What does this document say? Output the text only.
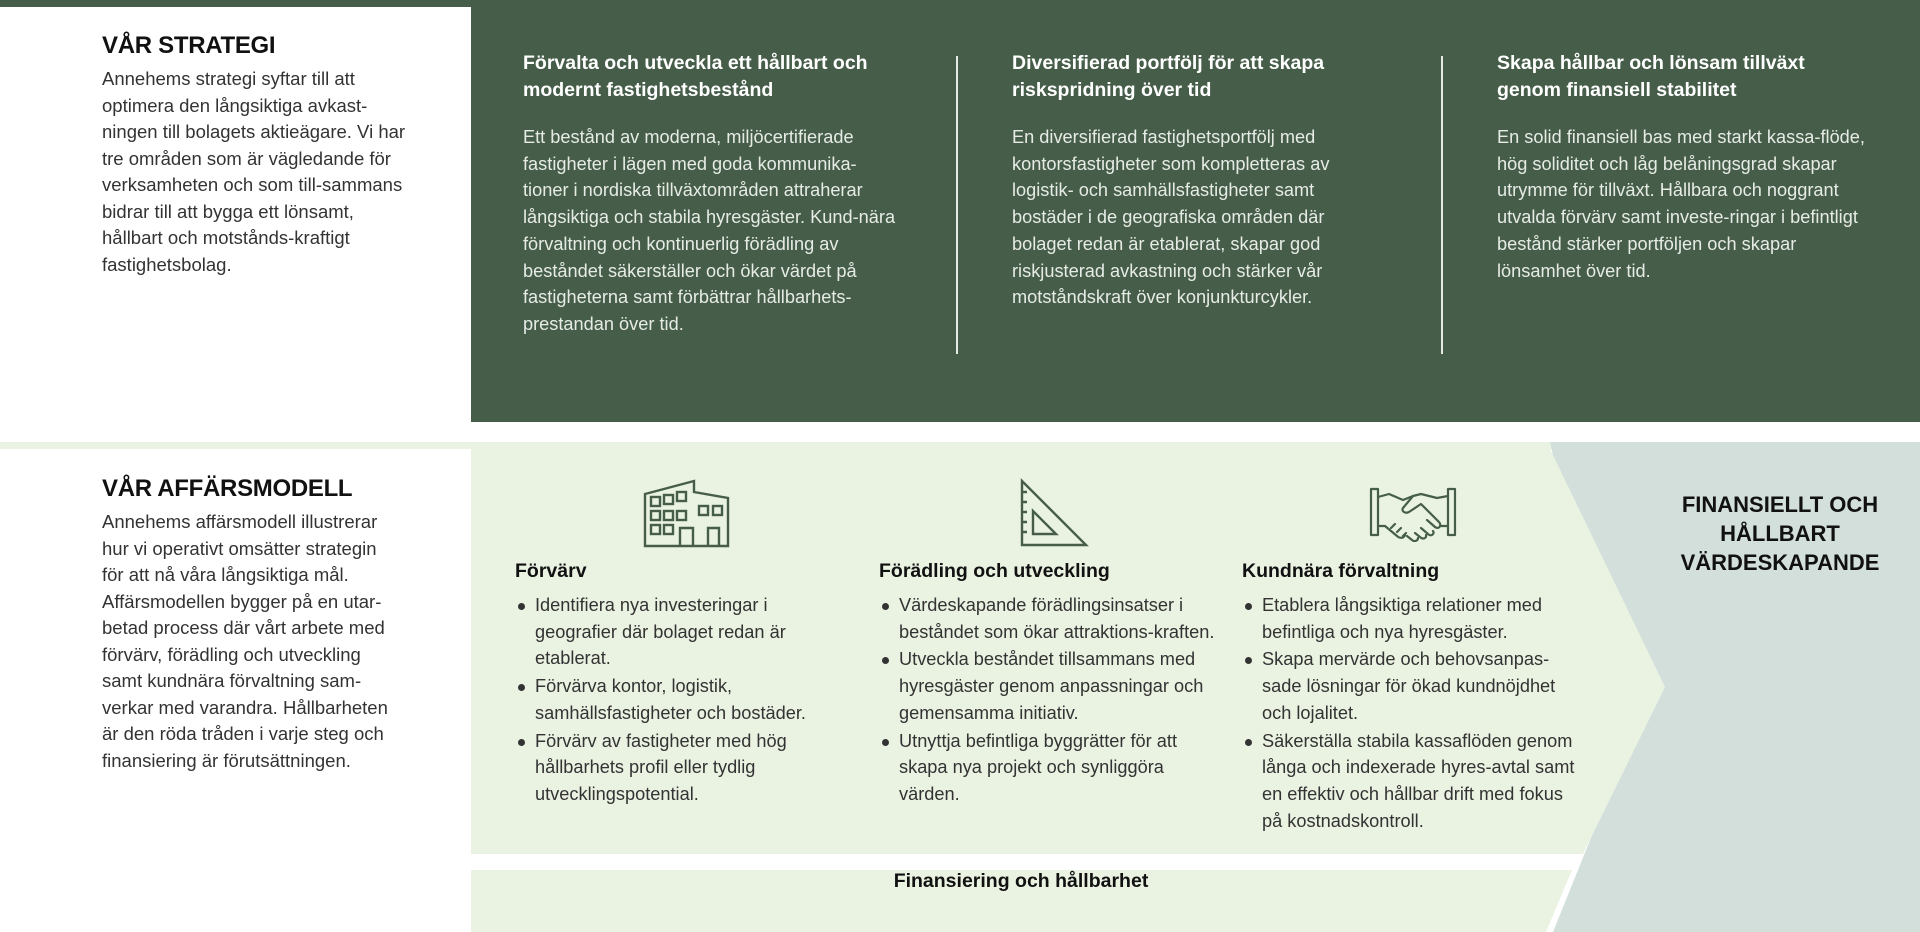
VÅR STRATEGI

Annehems strategi syftar till att optimera den långsiktiga avkast-ningen till bolagets aktieägare. Vi har tre områden som är vägledande för verksamheten och som till-sammans bidrar till att bygga ett lönsamt, hållbart och motstånds-kraftigt fastighetsbolag.

Förvalta och utveckla ett hållbart och modernt fastighetsbestånd

Ett bestånd av moderna, miljöcertifierade fastigheter i lägen med goda kommunika-tioner i nordiska tillväxtområden attraherar långsiktiga och stabila hyresgäster. Kund-nära förvaltning och kontinuerlig förädling av beståndet säkerställer och ökar värdet på fastigheterna samt förbättrar hållbarhets-prestandan över tid.

Diversifierad portfölj för att skapa riskspridning över tid

En diversifierad fastighetsportfölj med kontorsfastigheter som kompletteras av logistik- och samhällsfastigheter samt bostäder i de geografiska områden där bolaget redan är etablerat, skapar god riskjusterad avkastning och stärker vår motståndskraft över konjunkturcykler.

Skapa hållbar och lönsam tillväxt genom finansiell stabilitet

En solid finansiell bas med starkt kassa-flöde, hög soliditet och låg belåningsgrad skapar utrymme för tillväxt. Hållbara och noggrant utvalda förvärv samt investe-ringar i befintligt bestånd stärker portföljen och skapar lönsamhet över tid.

VÅR AFFÄRSMODELL

Annehems affärsmodell illustrerar hur vi operativt omsätter strategin för att nå våra långsiktiga mål. Affärsmodellen bygger på en utar-betad process där vårt arbete med förvärv, förädling och utveckling samt kundnära förvaltning sam-verkar med varandra. Hållbarheten är den röda tråden i varje steg och finansiering är förutsättningen.

Förvärv
Identifiera nya investeringar i geografier där bolaget redan är etablerat.
Förvärva kontor, logistik, samhällsfastigheter och bostäder.
Förvärv av fastigheter med hög hållbarhets profil eller tydlig utvecklingspotential.
Förädling och utveckling
Värdeskapande förädlingsinsatser i beståndet som ökar attraktions-kraften.
Utveckla beståndet tillsammans med hyresgäster genom anpassningar och gemensamma initiativ.
Utnyttja befintliga byggrätter för att skapa nya projekt och synliggöra värden.
Kundnära förvaltning
Etablera långsiktiga relationer med befintliga och nya hyresgäster.
Skapa mervärde och behovsanpas-sade lösningar för ökad kundnöjdhet och lojalitet.
Säkerställa stabila kassaflöden genom långa och indexerade hyres-avtal samt en effektiv och hållbar drift med fokus på kostnadskontroll.
FINANSIELLT OCH HÅLLBART VÄRDESKAPANDE

Finansiering och hållbarhet
